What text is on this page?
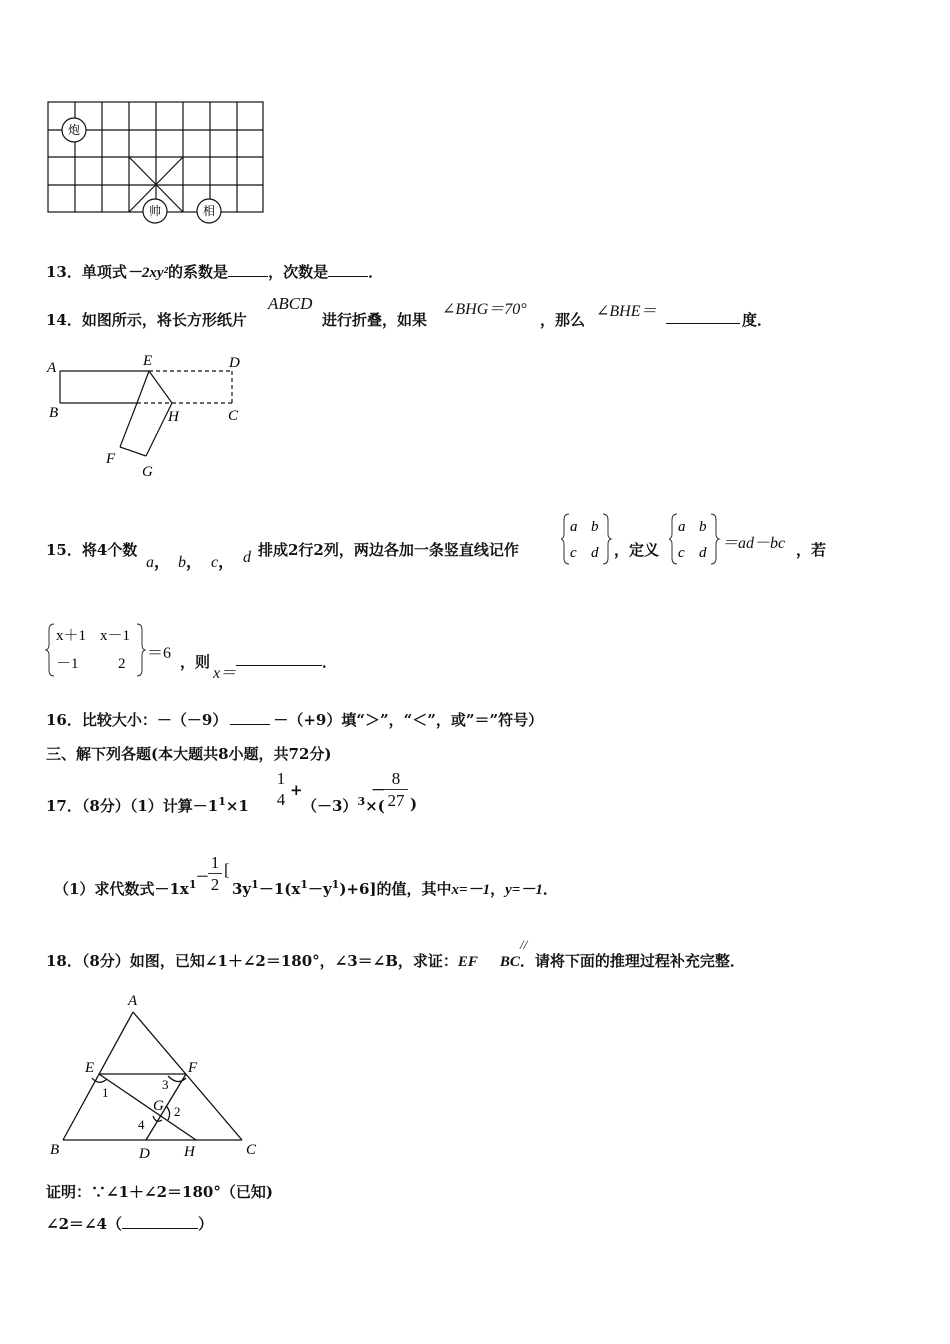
炮
帅	相
13．单项式－2xy²的系数是	，次数是	．
14．如图所示，将长方形纸片
ABCD
进行折叠，如果
∠BHG＝70°
，那么 ∠BHE＝	度．
A
B
E	D
H	C
F
G
15．将4个数
a， b， c， d 排成2行2列，两边各加一条竖直线记作
a b
c d ，定义
a b
c d
＝ad－bc ，若
x＋1 x－1
－1	2
＝6 ，则
x＝
．
16．比较大小：－（－9）	－（+9）填“＞”，“＜”，或”＝”符号）
三、解下列各题(本大题共8小题，共72分)
17．（8分）（1）计算$-1^1\times 1$
1
4 +
$(-3)^3\times$(
－
8
27 )
（1）求代数式$-1x^1$ －
1
2
[
$3y^1-1(x^1-y^1)+6$]的值，其中x=－1，y=－1．
18．（8分）如图，已知∠1＋∠2＝180°，∠3＝∠B，求证：EF BC．请将下面的推理过程补充完整．
//
A
E	F
1
3
G 2
4
B	D H	C
证明：∵∠1＋∠2＝180°（已知)
∠2＝∠4（	）
